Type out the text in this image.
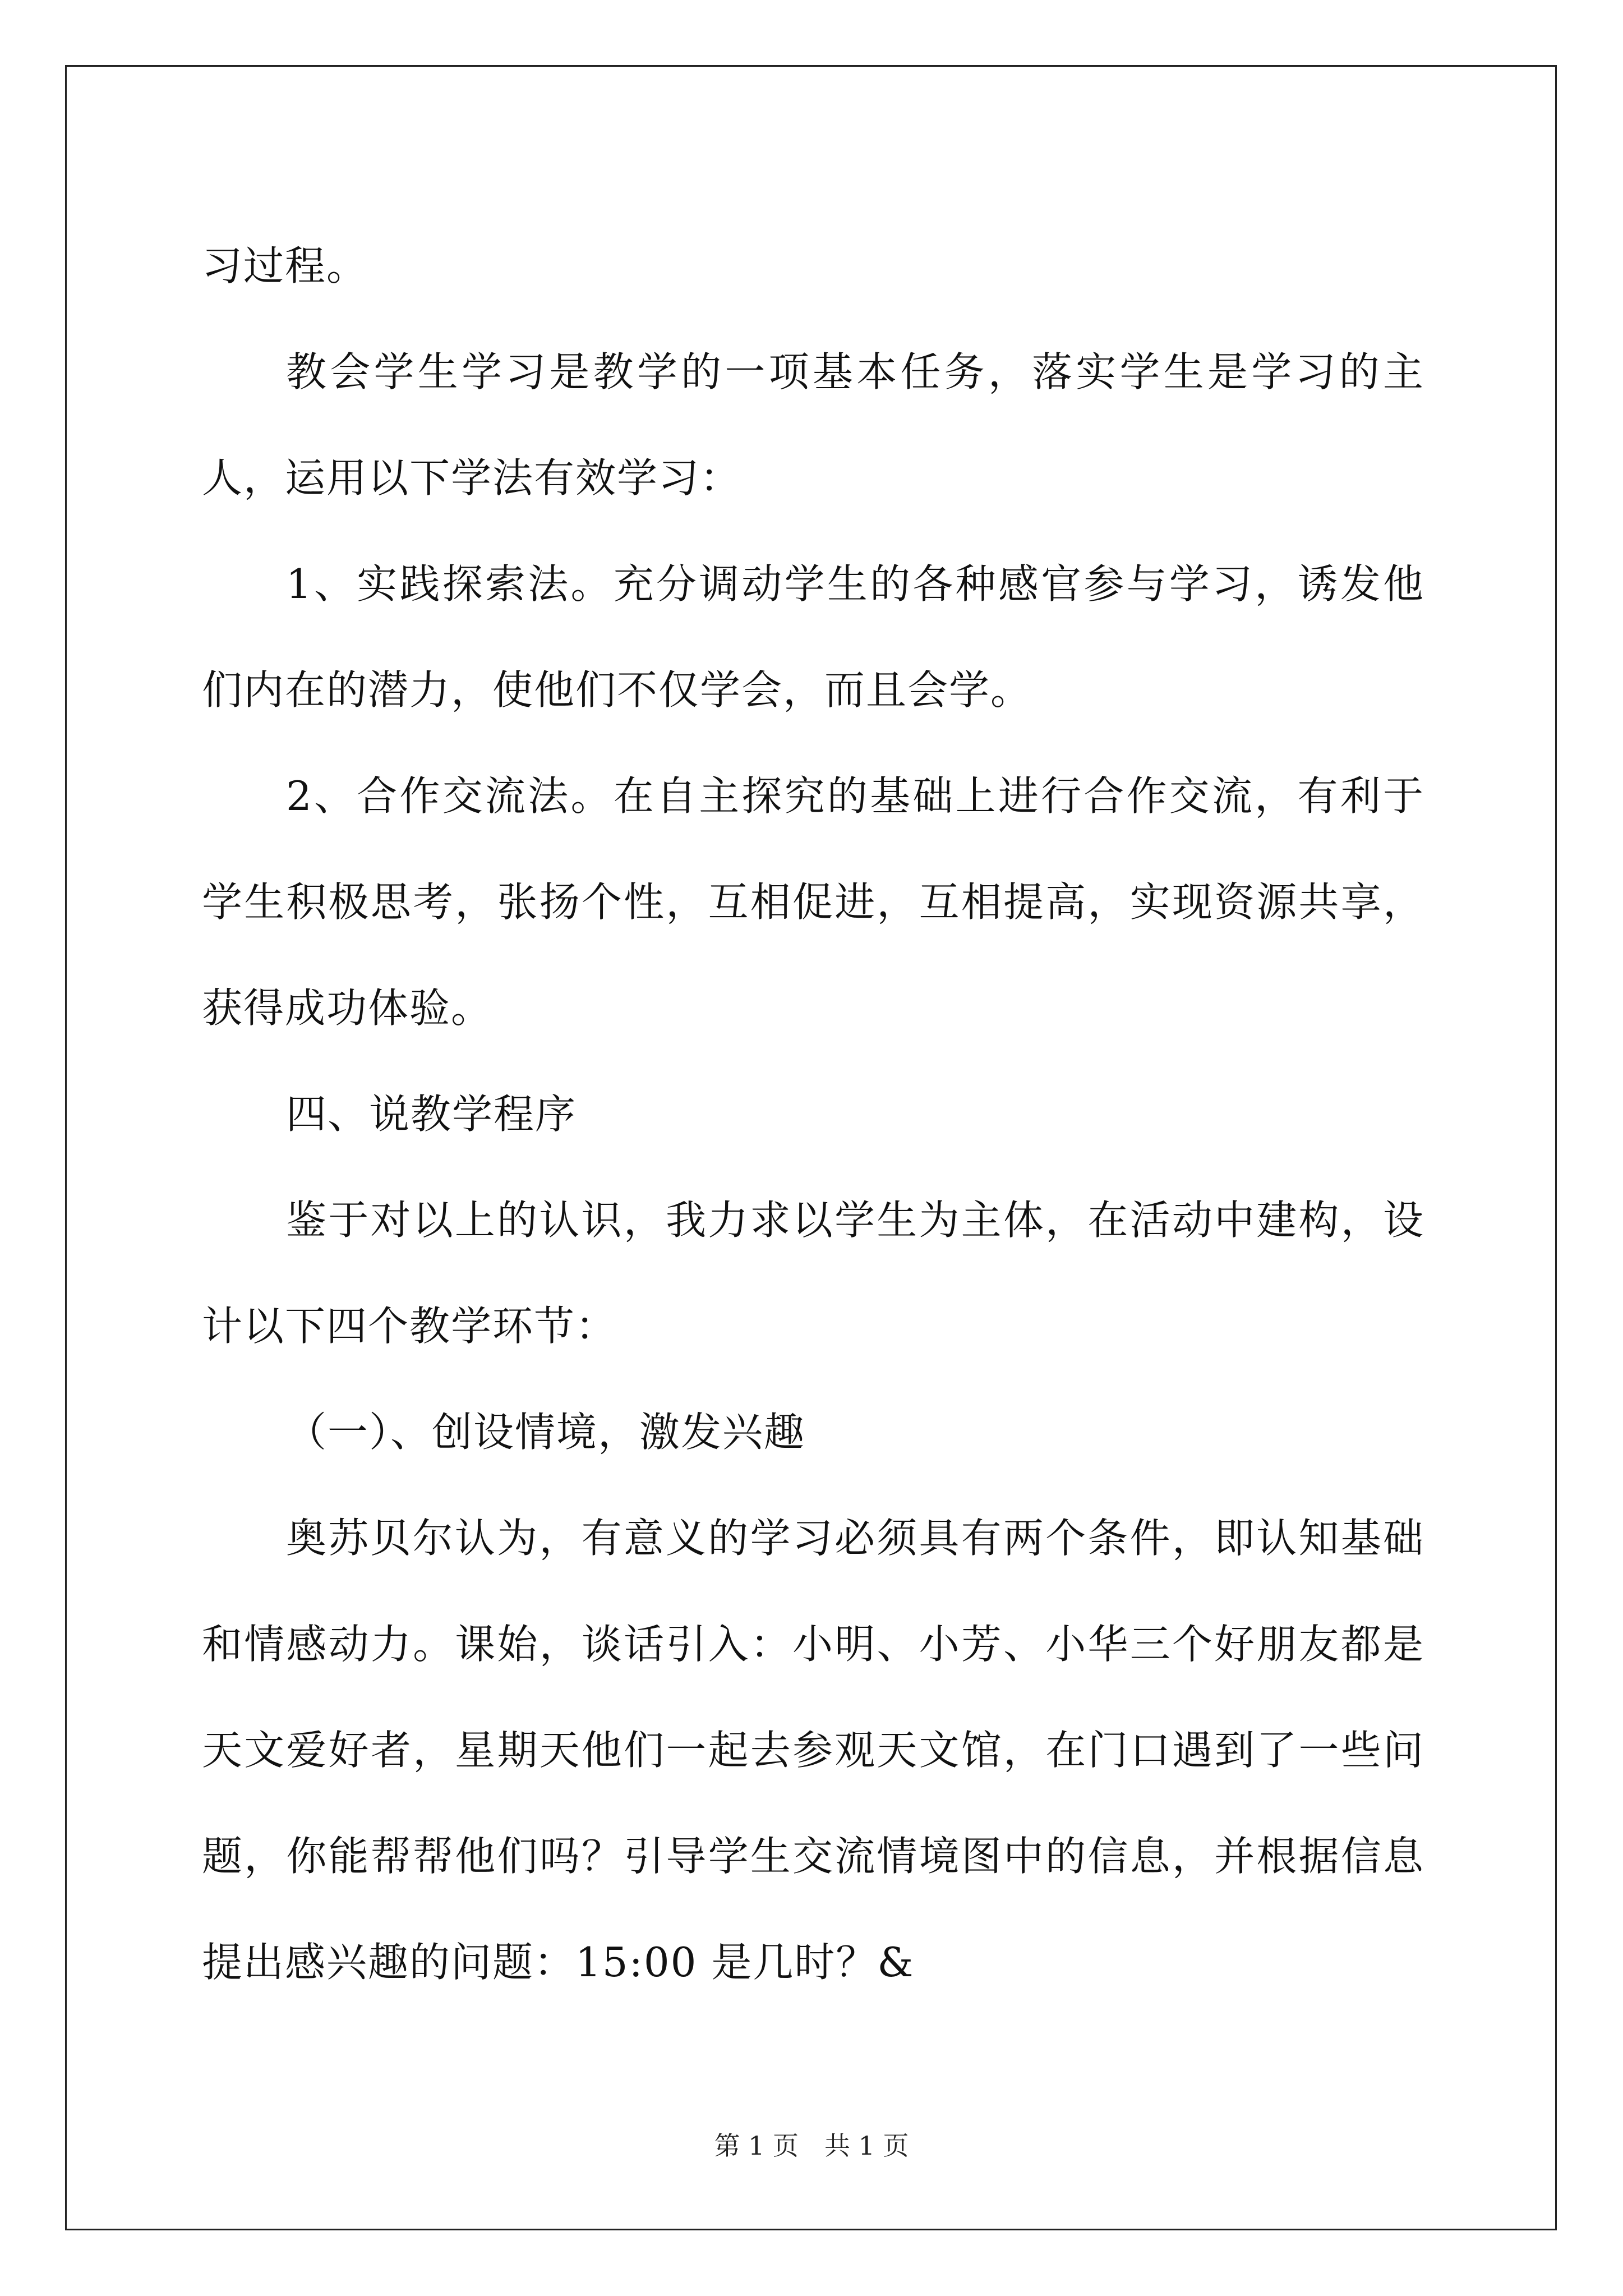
习过程。

教会学生学习是教学的一项基本任务，落实学生是学习的主人，运用以下学法有效学习：

1、实践探索法。充分调动学生的各种感官参与学习，诱发他们内在的潜力，使他们不仅学会，而且会学。

2、合作交流法。在自主探究的基础上进行合作交流，有利于学生积极思考，张扬个性，互相促进，互相提高，实现资源共享，获得成功体验。

四、说教学程序

鉴于对以上的认识，我力求以学生为主体，在活动中建构，设计以下四个教学环节：

（一）、创设情境，激发兴趣

奥苏贝尔认为，有意义的学习必须具有两个条件，即认知基础和情感动力。课始，谈话引入：小明、小芳、小华三个好朋友都是天文爱好者，星期天他们一起去参观天文馆，在门口遇到了一些问题，你能帮帮他们吗？引导学生交流情境图中的信息，并根据信息提出感兴趣的问题：15:00 是几时？&

第 1 页　共 1 页
